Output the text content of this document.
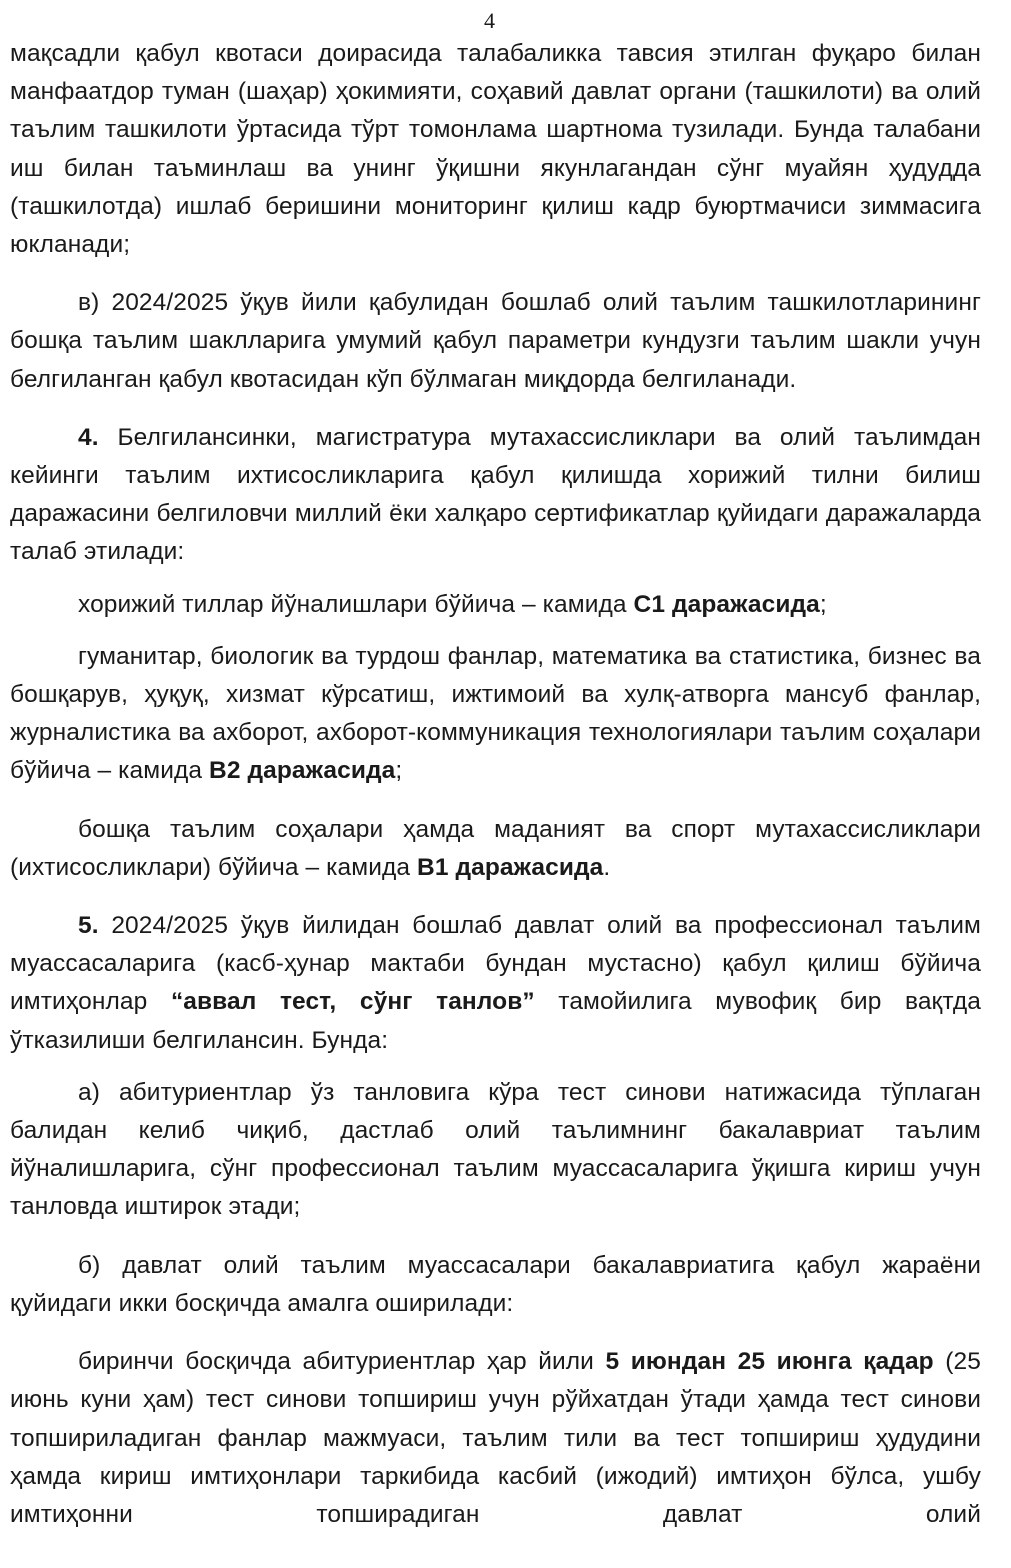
4

мақсадли қабул квотаси доирасида талабаликка тавсия этилган фуқаро билан манфаатдор туман (шаҳар) ҳокимияти, соҳавий давлат органи (ташкилоти) ва олий таълим ташкилоти ўртасида тўрт томонлама шартнома тузилади. Бунда талабани иш билан таъминлаш ва унинг ўқишни якунлагандан сўнг муайян ҳудудда (ташкилотда) ишлаб беришини мониторинг қилиш кадр буюртмачиси зиммасига юкланади;

в) 2024/2025 ўқув йили қабулидан бошлаб олий таълим ташкилотларининг бошқа таълим шаклларига умумий қабул параметри кундузги таълим шакли учун белгиланган қабул квотасидан кўп бўлмаган миқдорда белгиланади.

4. Белгилансинки, магистратура мутахассисликлари ва олий таълимдан кейинги таълим ихтисосликларига қабул қилишда хорижий тилни билиш даражасини белгиловчи миллий ёки халқаро сертификатлар қуйидаги даражаларда талаб этилади:

хорижий тиллар йўналишлари бўйича – камида С1 даражасида;

гуманитар, биологик ва турдош фанлар, математика ва статистика, бизнес ва бошқарув, ҳуқуқ, хизмат кўрсатиш, ижтимоий ва хулқ-атворга мансуб фанлар, журналистика ва ахборот, ахборот-коммуникация технологиялари таълим соҳалари бўйича – камида В2 даражасида;

бошқа таълим соҳалари ҳамда маданият ва спорт мутахассисликлари (ихтисосликлари) бўйича – камида В1 даражасида.

5. 2024/2025 ўқув йилидан бошлаб давлат олий ва профессионал таълим муассасаларига (касб-ҳунар мактаби бундан мустасно) қабул қилиш бўйича имтиҳонлар “аввал тест, сўнг танлов” тамойилига мувофиқ бир вақтда ўтказилиши белгилансин. Бунда:

а) абитуриентлар ўз танловига кўра тест синови натижасида тўплаган балидан келиб чиқиб, дастлаб олий таълимнинг бакалавриат таълим йўналишларига, сўнг профессионал таълим муассасаларига ўқишга кириш учун танловда иштирок этади;

б) давлат олий таълим муассасалари бакалавриатига қабул жараёни қуйидаги икки босқичда амалга оширилади:

биринчи босқичда абитуриентлар ҳар йили 5 июндан 25 июнга қадар (25 июнь куни ҳам) тест синови топшириш учун рўйхатдан ўтади ҳамда тест синови топшириладиган фанлар мажмуаси, таълим тили ва тест топшириш ҳудудини ҳамда кириш имтиҳонлари таркибида касбий (ижодий) имтиҳон бўлса, ушбу имтиҳонни топширадиган давлат олий
